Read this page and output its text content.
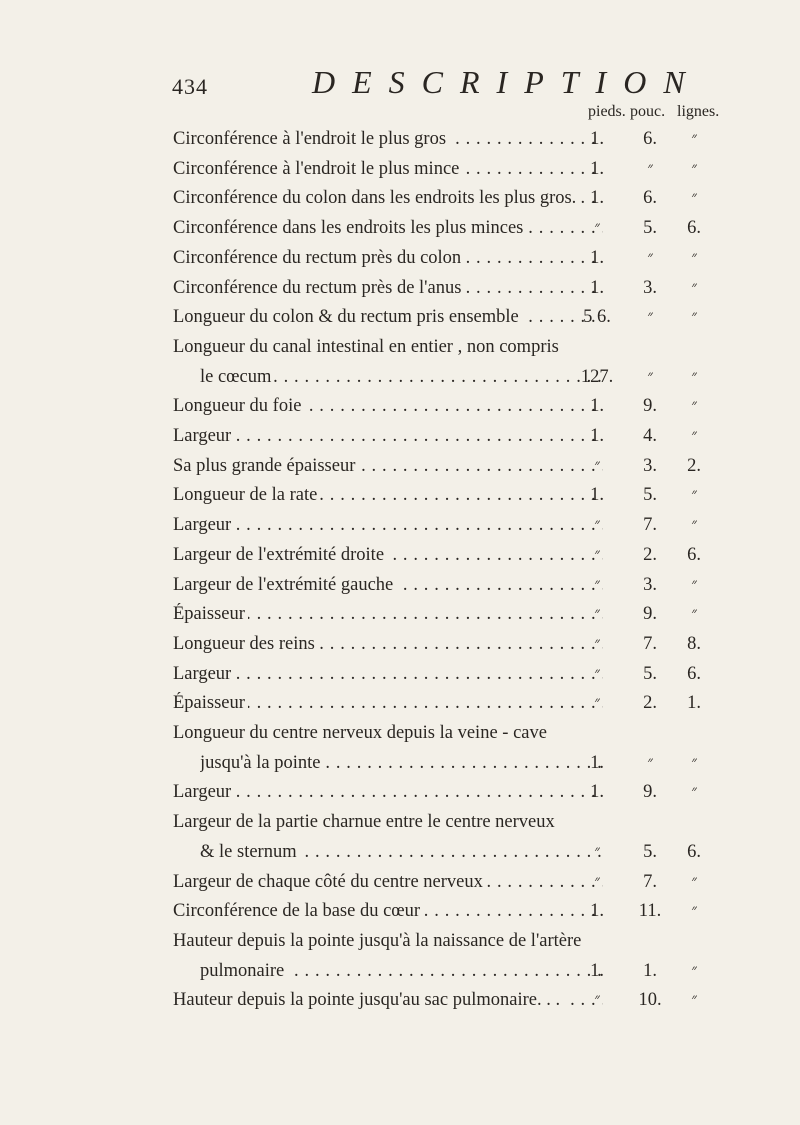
434	DESCRIPTION
pieds. pouc. lignes.
Circonférence à l'endroit le plus gros . . .	1.	6.	״
Circonférence à l'endroit le plus mince . . .	1.	״	״
Circonférence du colon dans les endroits les plus gros. . . . 1.	6.	״
Circonférence dans les endroits les plus minces . . .	״	5.	6.
Circonférence du rectum près du colon . . .	1.	״	״
Circonférence du rectum près de l'anus . . .	1.	3.	״
Longueur du colon & du rectum pris ensemble . . .	5 6.	״	״
Longueur du canal intestinal en entier , non compris
le cœcum . . .	127.	״	״
Longueur du foie . . .	1.	9.	״
Largeur . . .	1.	4.	״
Sa plus grande épaisseur . . .	״	3.	2.
Longueur de la rate . . .	1.	5.	״
Largeur . . .	״	7.	״
Largeur de l'extrémité droite . . .	״	2.	6.
Largeur de l'extrémité gauche . . .	״	3.	״
Épaisseur . . .	״	9.	״
Longueur des reins . . .	״	7.	8.
Largeur . . .	״	5.	6.
Épaisseur . . .	״	2.	1.
Longueur du centre nerveux depuis la veine - cave
jusqu'à la pointe . . .	1.	״	״
Largeur . . .	1.	9.	״
Largeur de la partie charnue entre le centre nerveux
& le sternum . . .	״	5.	6.
Largeur de chaque côté du centre nerveux . . .	״	7.	״
Circonférence de la base du cœur . . .	1.	11.	״
Hauteur depuis la pointe jusqu'à la naissance de l'artère
pulmonaire . . .	1.	1.	״
Hauteur depuis la pointe jusqu'au sac pulmonaire. . . . . .	״	10.	״
